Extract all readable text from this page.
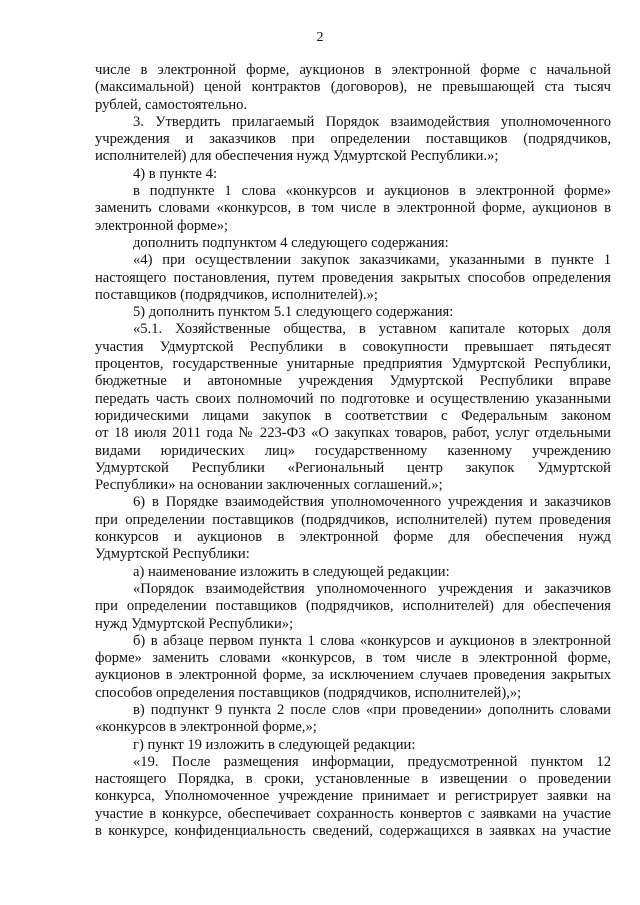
2
числе в электронной форме, аукционов в электронной форме с начальной
(максимальной) ценой контрактов (договоров), не превышающей ста тысяч
рублей, самостоятельно.
3. Утвердить прилагаемый Порядок взаимодействия уполномоченного
учреждения и заказчиков при определении поставщиков (подрядчиков,
исполнителей) для обеспечения нужд Удмуртской Республики.»;
4) в пункте 4:
в подпункте 1 слова «конкурсов и аукционов в электронной форме»
заменить словами «конкурсов, в том числе в электронной форме, аукционов в
электронной форме»;
дополнить подпунктом 4 следующего содержания:
«4) при осуществлении закупок заказчиками, указанными в пункте 1
настоящего постановления, путем проведения закрытых способов определения
поставщиков (подрядчиков, исполнителей).»;
5) дополнить пунктом 5.1 следующего содержания:
«5.1. Хозяйственные общества, в уставном капитале которых доля
участия Удмуртской Республики в совокупности превышает пятьдесят
процентов, государственные унитарные предприятия Удмуртской Республики,
бюджетные и автономные учреждения Удмуртской Республики вправе
передать часть своих полномочий по подготовке и осуществлению указанными
юридическими лицами закупок в соответствии с Федеральным законом
от 18 июля 2011 года № 223-ФЗ «О закупках товаров, работ, услуг отдельными
видами юридических лиц» государственному казенному учреждению
Удмуртской Республики «Региональный центр закупок Удмуртской
Республики» на основании заключенных соглашений.»;
6) в Порядке взаимодействия уполномоченного учреждения и заказчиков
при определении поставщиков (подрядчиков, исполнителей) путем проведения
конкурсов и аукционов в электронной форме для обеспечения нужд
Удмуртской Республики:
а) наименование изложить в следующей редакции:
«Порядок взаимодействия уполномоченного учреждения и заказчиков
при определении поставщиков (подрядчиков, исполнителей) для обеспечения
нужд Удмуртской Республики»;
б) в абзаце первом пункта 1 слова «конкурсов и аукционов в электронной
форме» заменить словами «конкурсов, в том числе в электронной форме,
аукционов в электронной форме, за исключением случаев проведения закрытых
способов определения поставщиков (подрядчиков, исполнителей),»;
в) подпункт 9 пункта 2 после слов «при проведении» дополнить словами
«конкурсов в электронной форме,»;
г) пункт 19 изложить в следующей редакции:
«19. После размещения информации, предусмотренной пунктом 12
настоящего Порядка, в сроки, установленные в извещении о проведении
конкурса, Уполномоченное учреждение принимает и регистрирует заявки на
участие в конкурсе, обеспечивает сохранность конвертов с заявками на участие
в конкурсе, конфиденциальность сведений, содержащихся в заявках на участие
